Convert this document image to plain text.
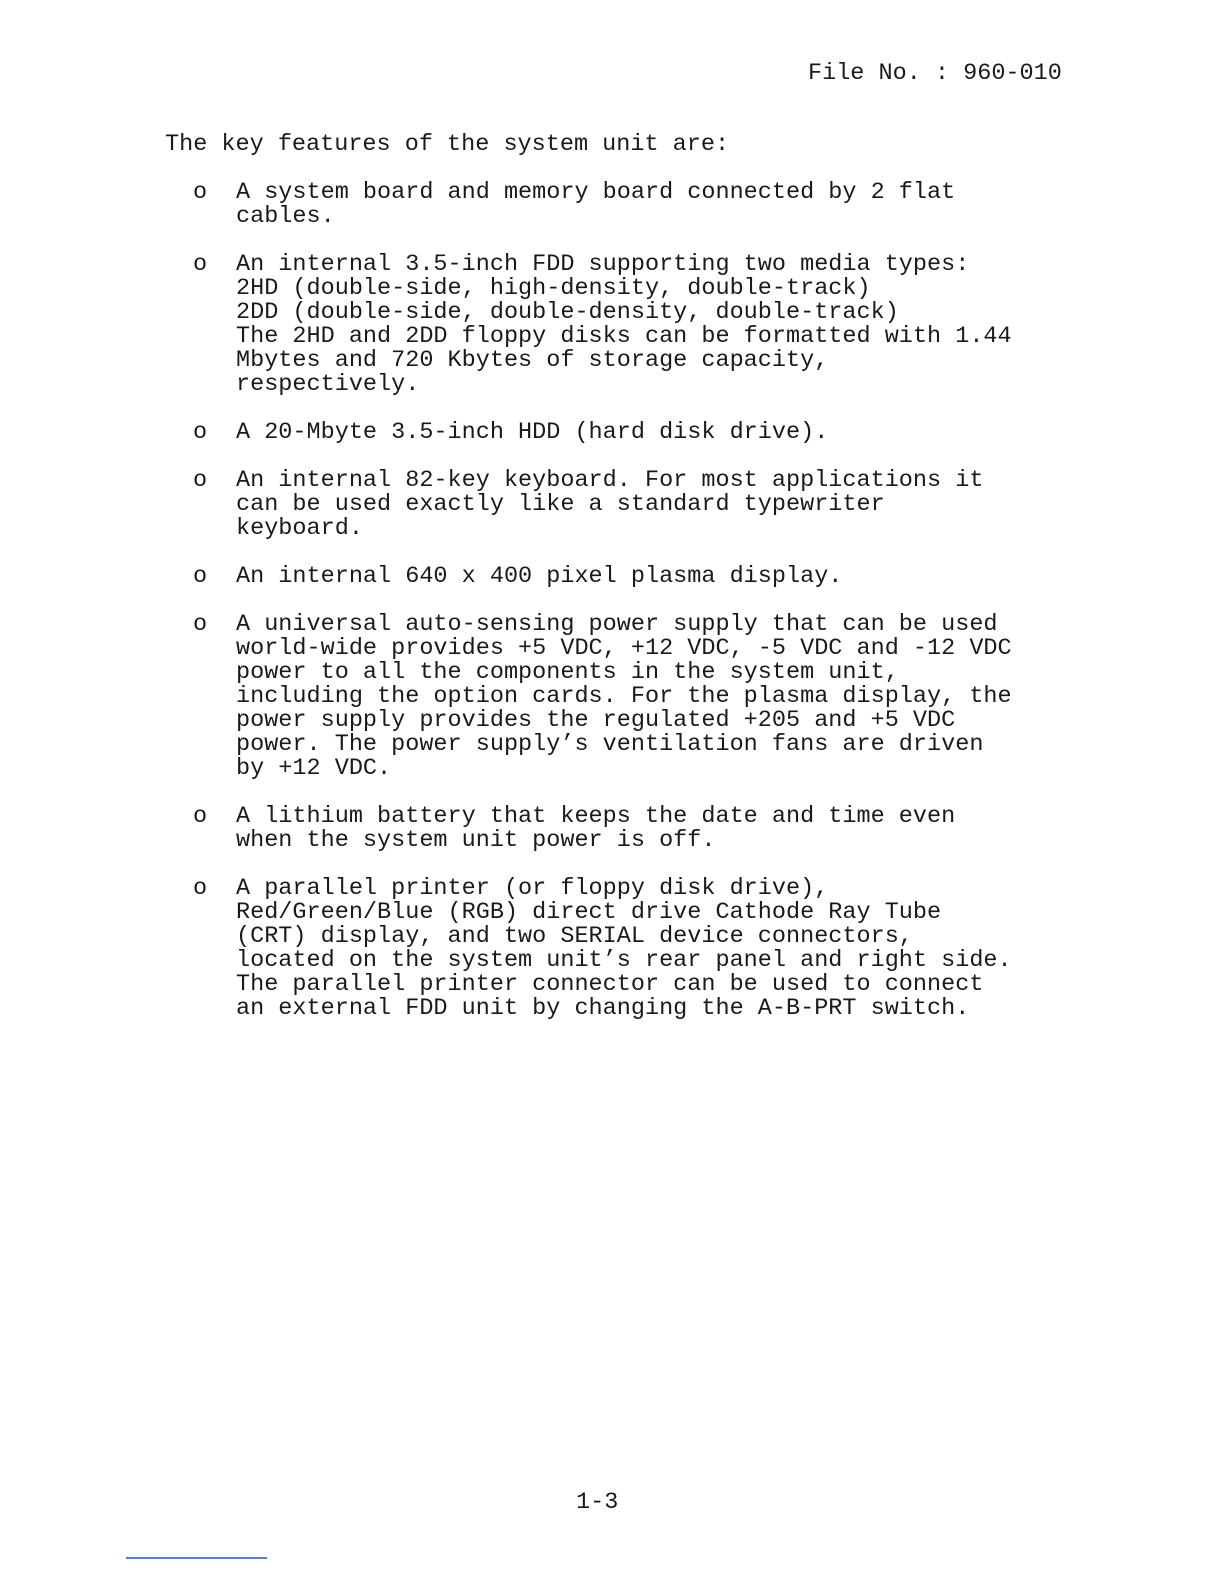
File No. : 960-010
The key features of the system unit are:
o A system board and memory board connected by 2 flat
cables.
o An internal 3.5-inch FDD supporting two media types:
2HD (double-side, high-density, double-track)
2DD (double-side, double-density, double-track)
The 2HD and 2DD floppy disks can be formatted with 1.44
Mbytes and 720 Kbytes of storage capacity,
respectively.
o A 20-Mbyte 3.5-inch HDD (hard disk drive).
o An internal 82-key keyboard. For most applications it
can be used exactly like a standard typewriter
keyboard.
o An internal 640 x 400 pixel plasma display.
o A universal auto-sensing power supply that can be used
world-wide provides +5 VDC, +12 VDC, -5 VDC and -12 VDC
power to all the components in the system unit,
including the option cards. For the plasma display, the
power supply provides the regulated +205 and +5 VDC
power. The power supply’s ventilation fans are driven
by +12 VDC.
o A lithium battery that keeps the date and time even
when the system unit power is off.
o A parallel printer (or floppy disk drive),
Red/Green/Blue (RGB) direct drive Cathode Ray Tube
(CRT) display, and two SERIAL device connectors,
located on the system unit’s rear panel and right side.
The parallel printer connector can be used to connect
an external FDD unit by changing the A-B-PRT switch.
1-3
